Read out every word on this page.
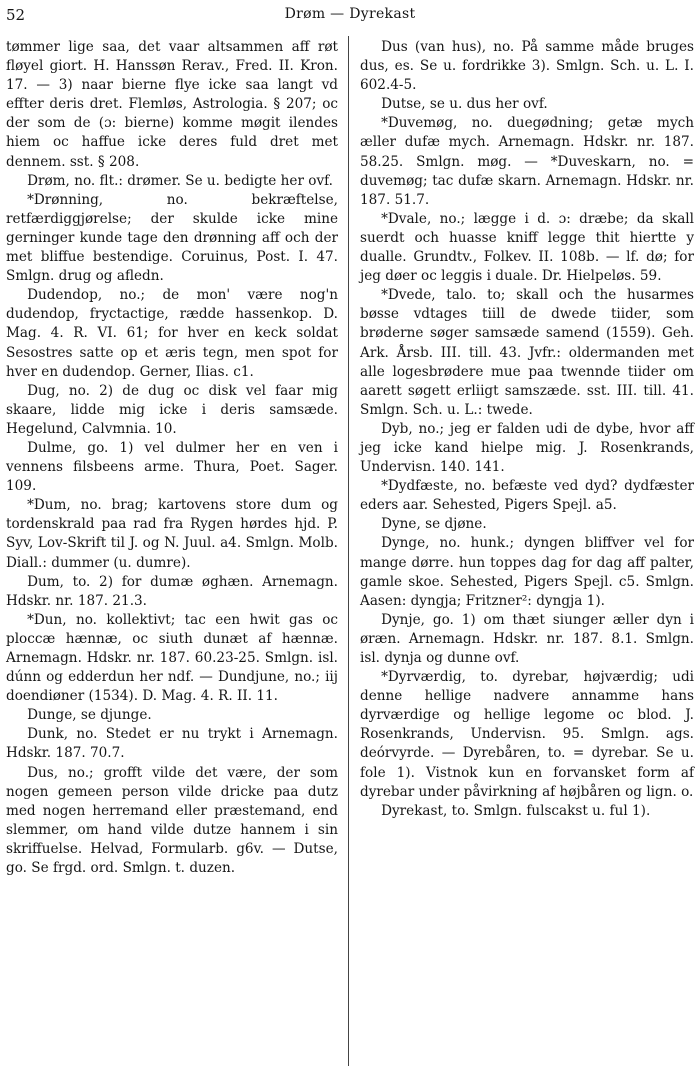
52	Drøm — Dyrekast

tømmer lige saa, det vaar altsammen aff røt fløyel giort. H. Hanssøn Rerav., Fred. II. Kron. 17. — 3) naar bierne flye icke saa langt vd effter deris dret. Flemløs, Astrologia. § 207; oc der som de (ɔ: bierne) komme møgit ilendes hiem oc haffue icke deres fuld dret met dennem. sst. § 208.

Drøm, no. flt.: drømer. Se u. bedigte her ovf.

*Drønning, no. bekræftelse, retfærdiggjørelse; der skulde icke mine gerninger kunde tage den drønning aff och der met bliffue bestendige. Coruinus, Post. I. 47. Smlgn. drug og afledn.

Dudendop, no.; de mon' være nog'n dudendop, fryctactige, rædde hassenkop. D. Mag. 4. R. VI. 61; for hver en keck soldat Sesostres satte op et æris tegn, men spot for hver en dudendop. Gerner, Ilias. c1.

Dug, no. 2) de dug oc disk vel faar mig skaare, lidde mig icke i deris samsæde. Hegelund, Calvmnia. 10.

Dulme, go. 1) vel dulmer her en ven i vennens filsbeens arme. Thura, Poet. Sager. 109.

*Dum, no. brag; kartovens store dum og tordenskrald paa rad fra Rygen hørdes hjd. P. Syv, Lov-Skrift til J. og N. Juul. a4. Smlgn. Molb. Diall.: dummer (u. dumre).

Dum, to. 2) for dumæ øghæn. Arnemagn. Hdskr. nr. 187. 21.3.

*Dun, no. kollektivt; tac een hwit gas oc ploccæ hænnæ, oc siuth dunæt af hænnæ. Arnemagn. Hdskr. nr. 187. 60.23-25. Smlgn. isl. dúnn og edderdun her ndf. — Dundjune, no.; iij doendiøner (1534). D. Mag. 4. R. II. 11.

Dunge, se djunge.

Dunk, no. Stedet er nu trykt i Arnemagn. Hdskr. 187. 70.7.

Dus, no.; grofft vilde det være, der som nogen gemeen person vilde dricke paa dutz med nogen herremand eller præstemand, end slemmer, om hand vilde dutze hannem i sin skriffuelse. Helvad, Formularb. g6v. — Dutse, go. Se frgd. ord. Smlgn. t. duzen.

Dus (van hus), no. På samme måde bruges dus, es. Se u. fordrikke 3). Smlgn. Sch. u. L. I. 602.4-5.

Dutse, se u. dus her ovf.

*Duvemøg, no. duegødning; getæ mych æller dufæ mych. Arnemagn. Hdskr. nr. 187. 58.25. Smlgn. møg. — *Duveskarn, no. = duvemøg; tac dufæ skarn. Arnemagn. Hdskr. nr. 187. 51.7.

*Dvale, no.; lægge i d. ɔ: dræbe; da skall suerdt och huasse kniff legge thit hiertte y dualle. Grundtv., Folkev. II. 108b. — lf. dø; for jeg døer oc leggis i duale. Dr. Hielpeløs. 59.

*Dvede, talo. to; skall och the husarmes bøsse vdtages tiill de dwede tiider, som brøderne søger samsæde samend (1559). Geh. Ark. Årsb. III. till. 43. Jvfr.: oldermanden met alle logesbrødere mue paa twennde tiider om aarett søgett erliigt samszæde. sst. III. till. 41. Smlgn. Sch. u. L.: twede.

Dyb, no.; jeg er falden udi de dybe, hvor aff jeg icke kand hielpe mig. J. Rosenkrands, Undervisn. 140. 141.

*Dydfæste, no. befæste ved dyd? dydfæster eders aar. Sehested, Pigers Spejl. a5.

Dyne, se djøne.

Dynge, no. hunk.; dyngen bliffver vel for mange dørre. hun toppes dag for dag aff palter, gamle skoe. Sehested, Pigers Spejl. c5. Smlgn. Aasen: dyngja; Fritzner²: dyngja 1).

Dynje, go. 1) om thæt siunger æller dyn i øræn. Arnemagn. Hdskr. nr. 187. 8.1. Smlgn. isl. dynja og dunne ovf.

*Dyrværdig, to. dyrebar, højværdig; udi denne hellige nadvere annamme hans dyrværdige og hellige legome oc blod. J. Rosenkrands, Undervisn. 95. Smlgn. ags. deórvyrde. — Dyrebåren, to. = dyrebar. Se u. fole 1). Vistnok kun en forvansket form af dyrebar under påvirkning af højbåren og lign. o.

Dyrekast, to. Smlgn. fulscakst u. ful 1).
